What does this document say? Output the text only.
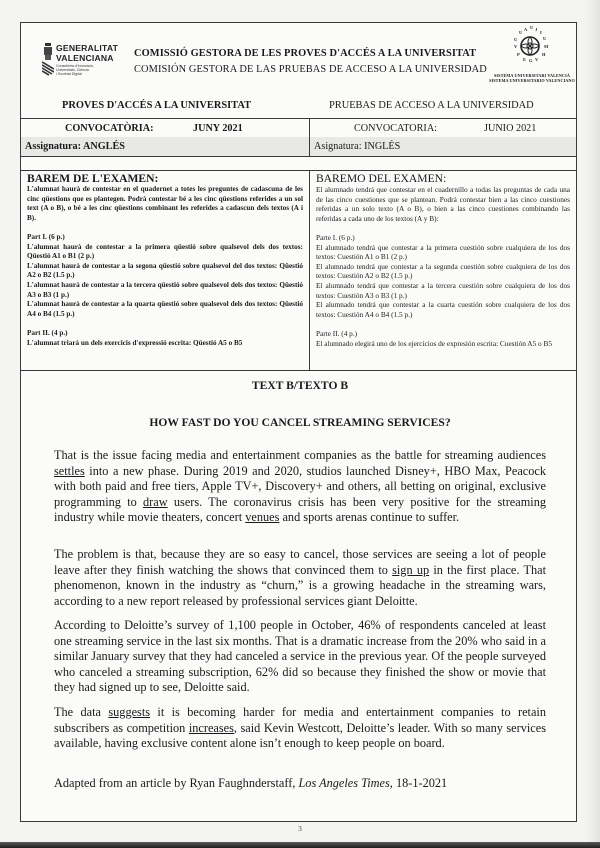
GENERALITAT
VALENCIANA
Conselleria d'Innovació,
Universitats, Ciència
i Societat Digital
COMISSIÓ GESTORA DE LES PROVES D'ACCÉS A LA UNIVERSITAT
COMISIÓN GESTORA DE LAS PRUEBAS DE ACCESO A LA UNIVERSIDAD
U
A U J
I
U
M
H
U
V
P
E G V
SISTEMA UNIVERSITARI VALENCIÀ
SISTEMA UNIVERSITARIO VALENCIANO
PROVES D'ACCÉS A LA UNIVERSITAT	PRUEBAS DE ACCESO A LA UNIVERSIDAD
CONVOCATÒRIA:	JUNY 2021	CONVOCATORIA:	JUNIO 2021
Assignatura: ANGLÉS	Asignatura: INGLÉS
BAREM DE L'EXAMEN:

L'alumnat haurà de contestar en el quadernet a totes les preguntes de cadascuna de les cinc qüestions que es plantegen. Podrà contestar bé a les cinc qüestions referides a un sol text (A o B), o bé a les cinc qüestions combinant les referides a cadascun dels textos (A i B).

Part I. (6 p.)

L'alumnat haurà de contestar a la primera qüestió sobre qualsevol dels dos textos: Qüestió A1 o B1 (2 p.)

L'alumnat haurà de contestar a la segona qüestió sobre qualsevol del dos textos: Qüestió A2 o B2 (1.5 p.)

L'alumnat haurà de contestar a la tercera qüestió sobre qualsevol dels dos textos: Qüestió A3 o B3 (1 p.)

L'alumnat haurà de contestar a la quarta qüestió sobre qualsevol dels dos textos: Qüestió A4 o B4 (1.5 p.)

Part II. (4 p.)

L'alumnat triarà un dels exercicis d'expressió escrita: Qüestió A5 o B5

BAREMO DEL EXAMEN:

El alumnado tendrá que contestar en el cuadernillo a todas las preguntas de cada una de las cinco cuestiones que se plantean. Podrá contestar bien a las cinco cuestiones referidas a un solo texto (A o B), o bien a las cinco cuestiones combinando las referidas a cada uno de los textos (A y B):

Parte I. (6 p.)

El alumnado tendrá que contestar a la primera cuestión sobre cualquiera de los dos textos: Cuestión A1 o B1 (2 p.)

El alumnado tendrá que contestar a la segunda cuestión sobre cualquiera de los dos textos: Cuestión A2 o B2 (1.5 p.)

El alumnado tendrá que contestar a la tercera cuestión sobre cualquiera de los dos textos: Cuestión A3 o B3 (1 p.)

El alumnado tendrá que contestar a la cuarta cuestión sobre cualquiera de los dos textos: Cuestión A4 o B4 (1.5 p.)

Parte II. (4 p.)

El alumnado elegirá uno de los ejercicios de expresión escrita: Cuestión A5 o B5

TEXT B/TEXTO B
HOW FAST DO YOU CANCEL STREAMING SERVICES?

That is the issue facing media and entertainment companies as the battle for streaming audiences settles into a new phase. During 2019 and 2020, studios launched Disney+, HBO Max, Peacock with both paid and free tiers, Apple TV+, Discovery+ and others, all betting on original, exclusive programming to draw users. The coronavirus crisis has been very positive for the streaming industry while movie theaters, concert venues and sports arenas continue to suffer.

The problem is that, because they are so easy to cancel, those services are seeing a lot of people leave after they finish watching the shows that convinced them to sign up in the first place. That phenomenon, known in the industry as “churn,” is a growing headache in the streaming wars, according to a new report released by professional services giant Deloitte.

According to Deloitte’s survey of 1,100 people in October, 46% of respondents canceled at least one streaming service in the last six months. That is a dramatic increase from the 20% who said in a similar January survey that they had canceled a service in the previous year. Of the people surveyed who canceled a streaming subscription, 62% did so because they finished the show or movie that they had signed up to see, Deloitte said.

The data suggests it is becoming harder for media and entertainment companies to retain subscribers as competition increases, said Kevin Westcott, Deloitte’s leader. With so many services available, having exclusive content alone isn’t enough to keep people on board.

Adapted from an article by Ryan Faughnderstaff, Los Angeles Times, 18-1-2021
3
